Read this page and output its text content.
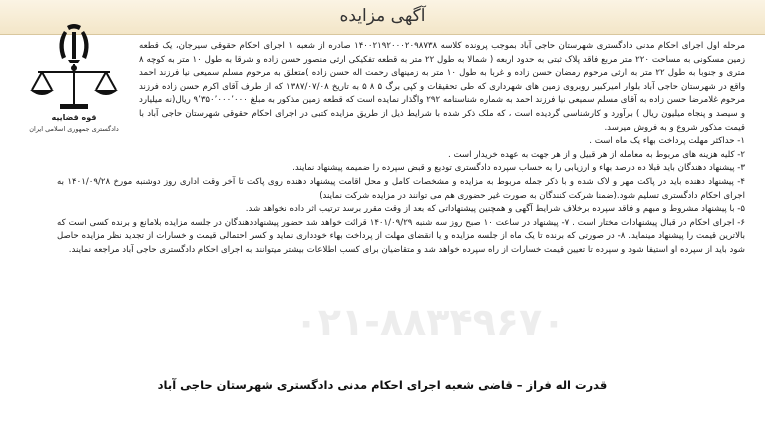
آگهی مزایده
قوه قضاییه
دادگستری جمهوری اسلامی ایران
۰۲۱-۸۸۳۴۹۶۷۰

مرحله اول اجرای احکام مدنی دادگستری شهرستان حاجی آباد بموجب پرونده کلاسه ۱۴۰۰۲۱۹۲۰۰۰۲۰۹۸۷۳۸ صادره از شعبه ۱ اجرای احکام حقوقی سیرجان، یک قطعه زمین مسکونی به مساحت ۲۲۰ متر مربع فاقد پلاک ثبتی به حدود اربعه ( شمالا به طول ۲۲ متر به قطعه تفکیکی ارثی منصور حسن زاده و شرقا به طول ۱۰ متر به کوچه ۸ متری و جنوبا به طول ۲۲ متر به ارثی مرحوم رمضان حسن زاده و غربا به طول ۱۰ متر به زمینهای رحمت اله حسن زاده )متعلق به مرحوم مسلم سمیعی نیا فرزند احمد واقع در شهرستان حاجی آباد بلوار امیرکبیر روبروی زمین های شهرداری که طی تحقیقات و کپی برگ ۵ ۸ ۵ به تاریخ ۱۳۸۷/۰۷/۰۸ که از طرف آقای اکرم حسن زاده فرزند مرحوم غلامرضا حسن زاده به آقای مسلم سمیعی نیا فرزند احمد به شماره شناسنامه ۲۹۲ واگذار نمایده است که قطعه زمین مذکور به مبلغ ۹٬۳۵۰٬۰۰۰٬۰۰۰ ریال(نه میلیارد و سیصد و پنجاه میلیون ریال ) برآورد و کارشناسی گردیده است ، که ملک ذکر شده با شرایط ذیل از طریق مزایده کتبی در اجرای احکام حقوقی شهرستان حاجی آباد با قیمت مذکور شروع و به فروش میرسد.

۱- حداکثر مهلت پرداخت بهاء یک ماه است .

۲- کلیه هزینه های مربوط به معامله از هر قبیل و از هر جهت به عهده خریدار است .

۳- پیشنهاد دهندگان باید قبلا ده درصد بهاء و ارزیابی را به حساب سپرده دادگستری تودیع و قبض سپرده را ضمیمه پیشنهاد نمایند.

۴- پیشنهاد دهنده باید در پاکت مهر و لاک شده و با ذکر جمله مربوط به مزایده و مشخصات کامل و محل اقامت پیشنهاد دهنده روی پاکت تا آخر وقت اداری روز دوشنبه مورخ ۱۴۰۱/۰۹/۲۸ به اجرای احکام دادگستری تسلیم شود.(ضمنا شرکت کنندگان به صورت غیر حضوری هم می توانند در مزایده شرکت نمایند)

۵- با پیشنهاد مشروط و مبهم و فاقد سپرده برخلاف شرایط آگهی و همچنین پیشنهاداتی که بعد از وقت مقرر برسد ترتیب اثر داده نخواهد شد.

۶- اجرای احکام در قبال پیشنهادات مختار است . ۷- پیشنهاد در ساعت ۱۰ صبح روز سه شنبه ۱۴۰۱/۰۹/۲۹ قرائت خواهد شد حضور پیشنهاددهندگان در جلسه مزایده بلامانع و برنده کسی است که بالاترین قیمت را پیشنهاد مینماید. ۸- در صورتی که برنده تا یک ماه از جلسه مزایده و یا انقضای مهلت از پرداخت بهاء خودداری نماید و کسر احتمالی قیمت و خسارات از تجدید نظر مزایده حاصل شود باید از سپرده او استیفا شود و سپرده تا تعیین قیمت خسارات از راه سپرده خواهد شد و متقاضیان برای کسب اطلاعات بیشتر میتوانند به اجرای احکام دادگستری حاجی آباد مراجعه نمایند.

قدرت اله فراز – قاضی شعبه اجرای احکام مدنی دادگستری شهرستان حاجی آباد
